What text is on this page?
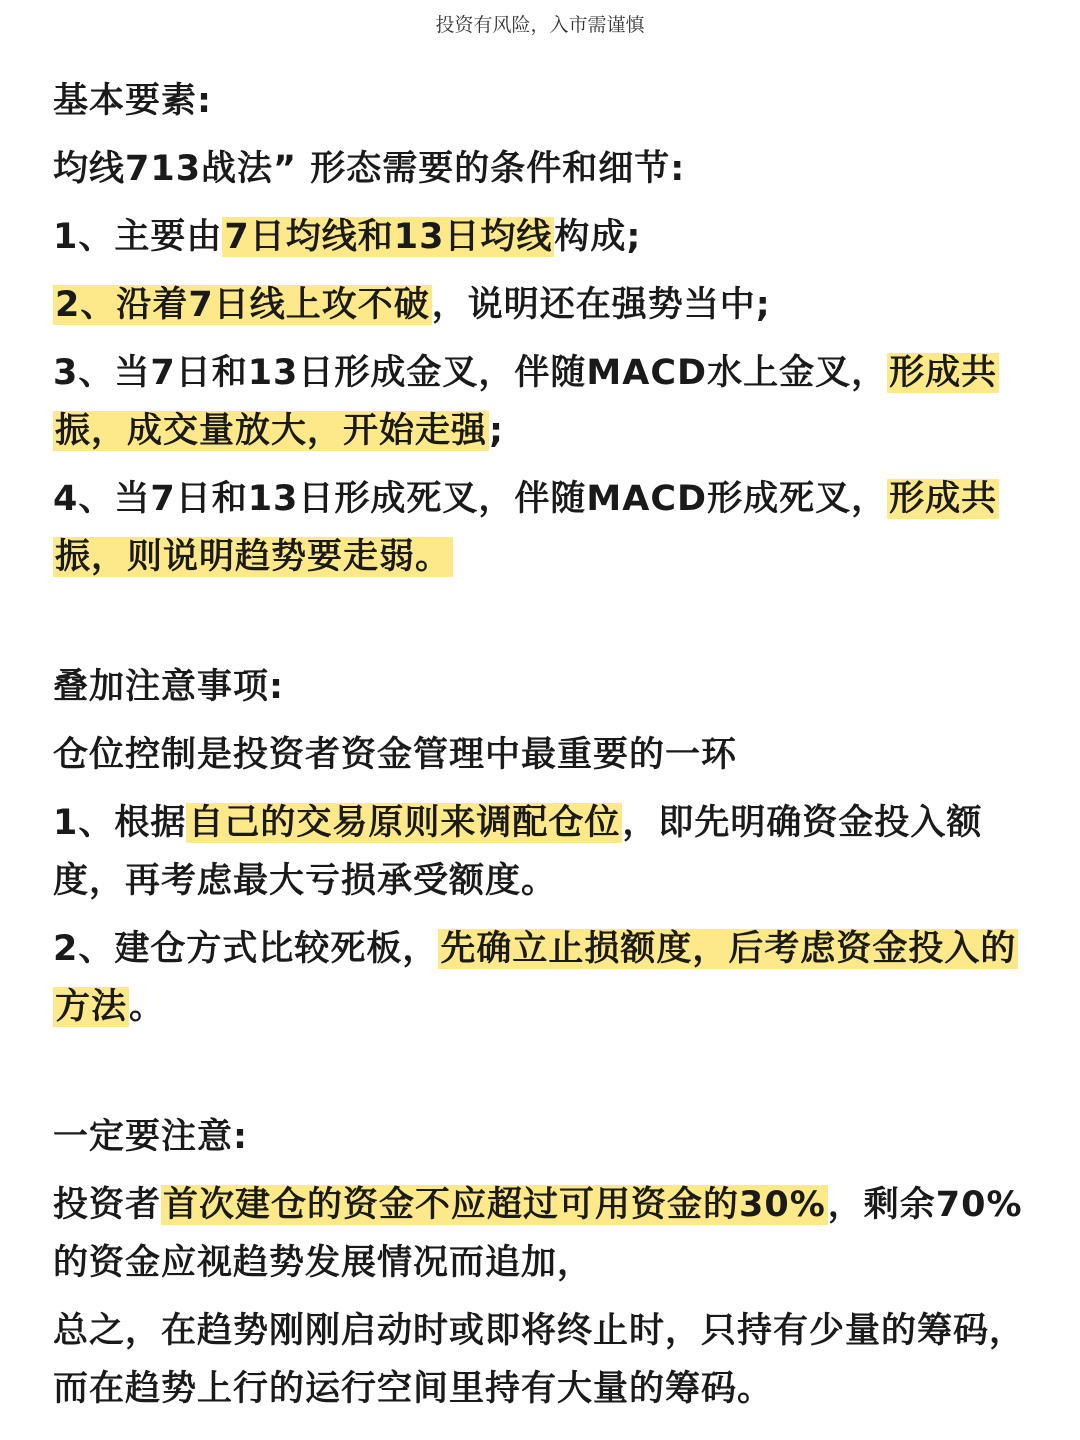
投资有风险，入市需谨慎

基本要素:

均线713战法” 形态需要的条件和细节:

1、主要由7日均线和13日均线构成;

2、沿着7日线上攻不破，说明还在强势当中;

3、当7日和13日形成金叉，伴随MACD水上金叉，形成共振，成交量放大，开始走强;

4、当7日和13日形成死叉，伴随MACD形成死叉，形成共振，则说明趋势要走弱。

叠加注意事项:

仓位控制是投资者资金管理中最重要的一环

1、根据自己的交易原则来调配仓位，即先明确资金投入额度，再考虑最大亏损承受额度。

2、建仓方式比较死板，先确立止损额度，后考虑资金投入的方法。

一定要注意:

投资者首次建仓的资金不应超过可用资金的30%，剩余70%的资金应视趋势发展情况而追加，

总之，在趋势刚刚启动时或即将终止时，只持有少量的筹码，而在趋势上行的运行空间里持有大量的筹码。
